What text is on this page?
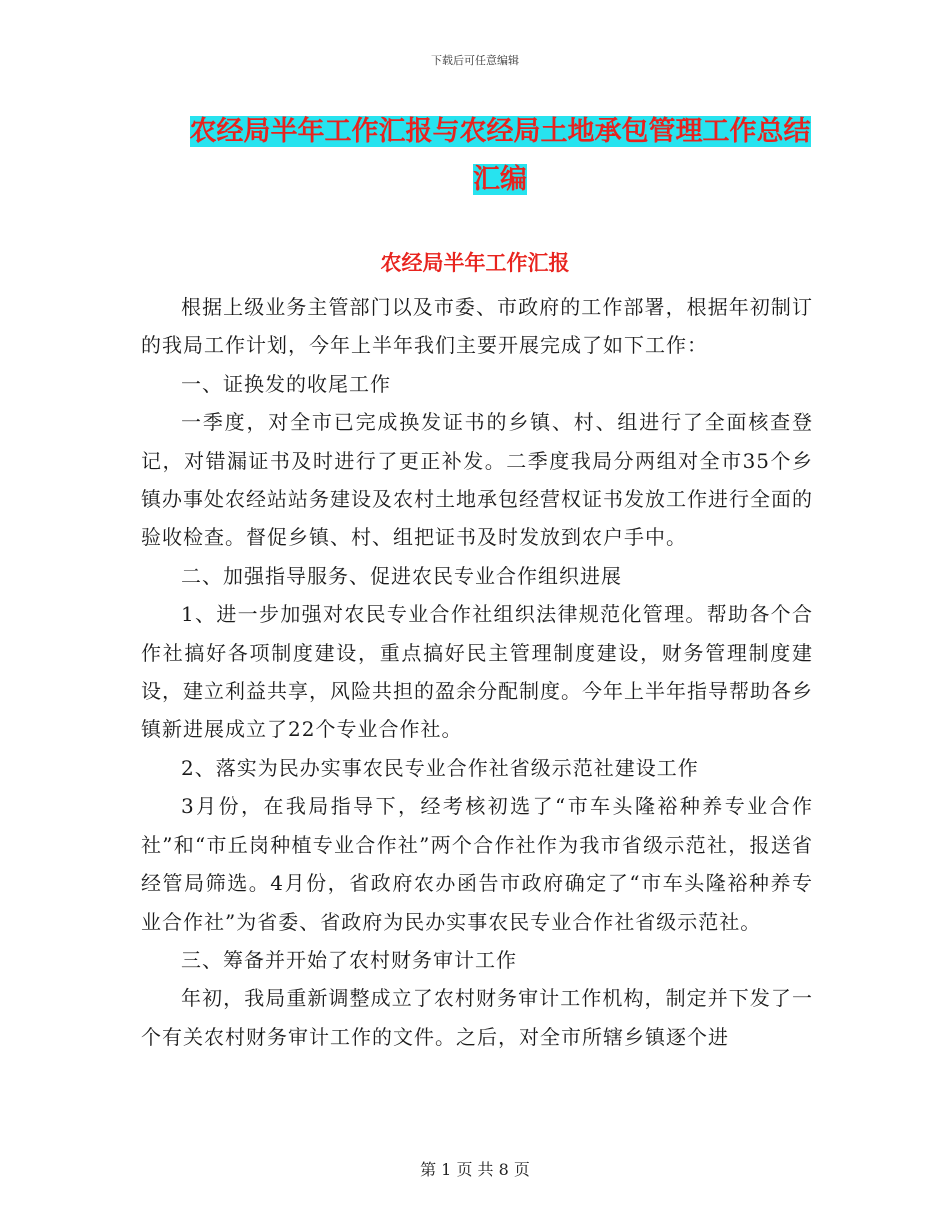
下载后可任意编辑
农经局半年工作汇报与农经局土地承包管理工作总结
汇编
农经局半年工作汇报

根据上级业务主管部门以及市委、市政府的工作部署，根据年初制订的我局工作计划，今年上半年我们主要开展完成了如下工作：

一、证换发的收尾工作

一季度，对全市已完成换发证书的乡镇、村、组进行了全面核查登记，对错漏证书及时进行了更正补发。二季度我局分两组对全市35个乡镇办事处农经站站务建设及农村土地承包经营权证书发放工作进行全面的验收检查。督促乡镇、村、组把证书及时发放到农户手中。

二、加强指导服务、促进农民专业合作组织进展

1、进一步加强对农民专业合作社组织法律规范化管理。帮助各个合作社搞好各项制度建设，重点搞好民主管理制度建设，财务管理制度建设，建立利益共享，风险共担的盈余分配制度。今年上半年指导帮助各乡镇新进展成立了22个专业合作社。

2、落实为民办实事农民专业合作社省级示范社建设工作

3月份，在我局指导下，经考核初选了“市车头隆裕种养专业合作社”和“市丘岗种植专业合作社”两个合作社作为我市省级示范社，报送省经管局筛选。4月份，省政府农办函告市政府确定了“市车头隆裕种养专业合作社”为省委、省政府为民办实事农民专业合作社省级示范社。

三、筹备并开始了农村财务审计工作

年初，我局重新调整成立了农村财务审计工作机构，制定并下发了一个有关农村财务审计工作的文件。之后，对全市所辖乡镇逐个进

第 1 页 共 8 页
